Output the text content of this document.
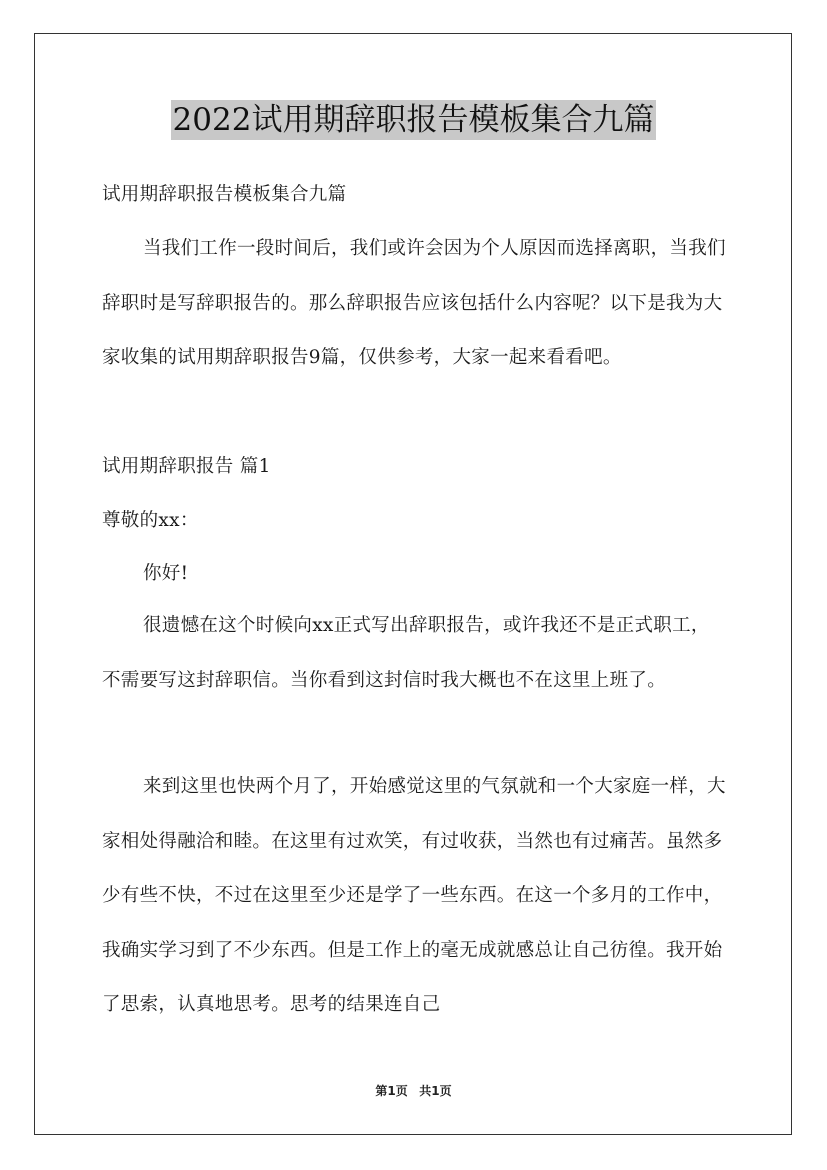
2022试用期辞职报告模板集合九篇

试用期辞职报告模板集合九篇

当我们工作一段时间后，我们或许会因为个人原因而选择离职，当我们辞职时是写辞职报告的。那么辞职报告应该包括什么内容呢？以下是我为大家收集的试用期辞职报告9篇，仅供参考，大家一起来看看吧。

试用期辞职报告 篇1

尊敬的xx：

你好!

很遗憾在这个时候向xx正式写出辞职报告，或许我还不是正式职工，不需要写这封辞职信。当你看到这封信时我大概也不在这里上班了。

来到这里也快两个月了，开始感觉这里的气氛就和一个大家庭一样，大家相处得融洽和睦。在这里有过欢笑，有过收获，当然也有过痛苦。虽然多少有些不快，不过在这里至少还是学了一些东西。在这一个多月的工作中，我确实学习到了不少东西。但是工作上的毫无成就感总让自己彷徨。我开始了思索，认真地思考。思考的结果连自己

第1页 共1页
